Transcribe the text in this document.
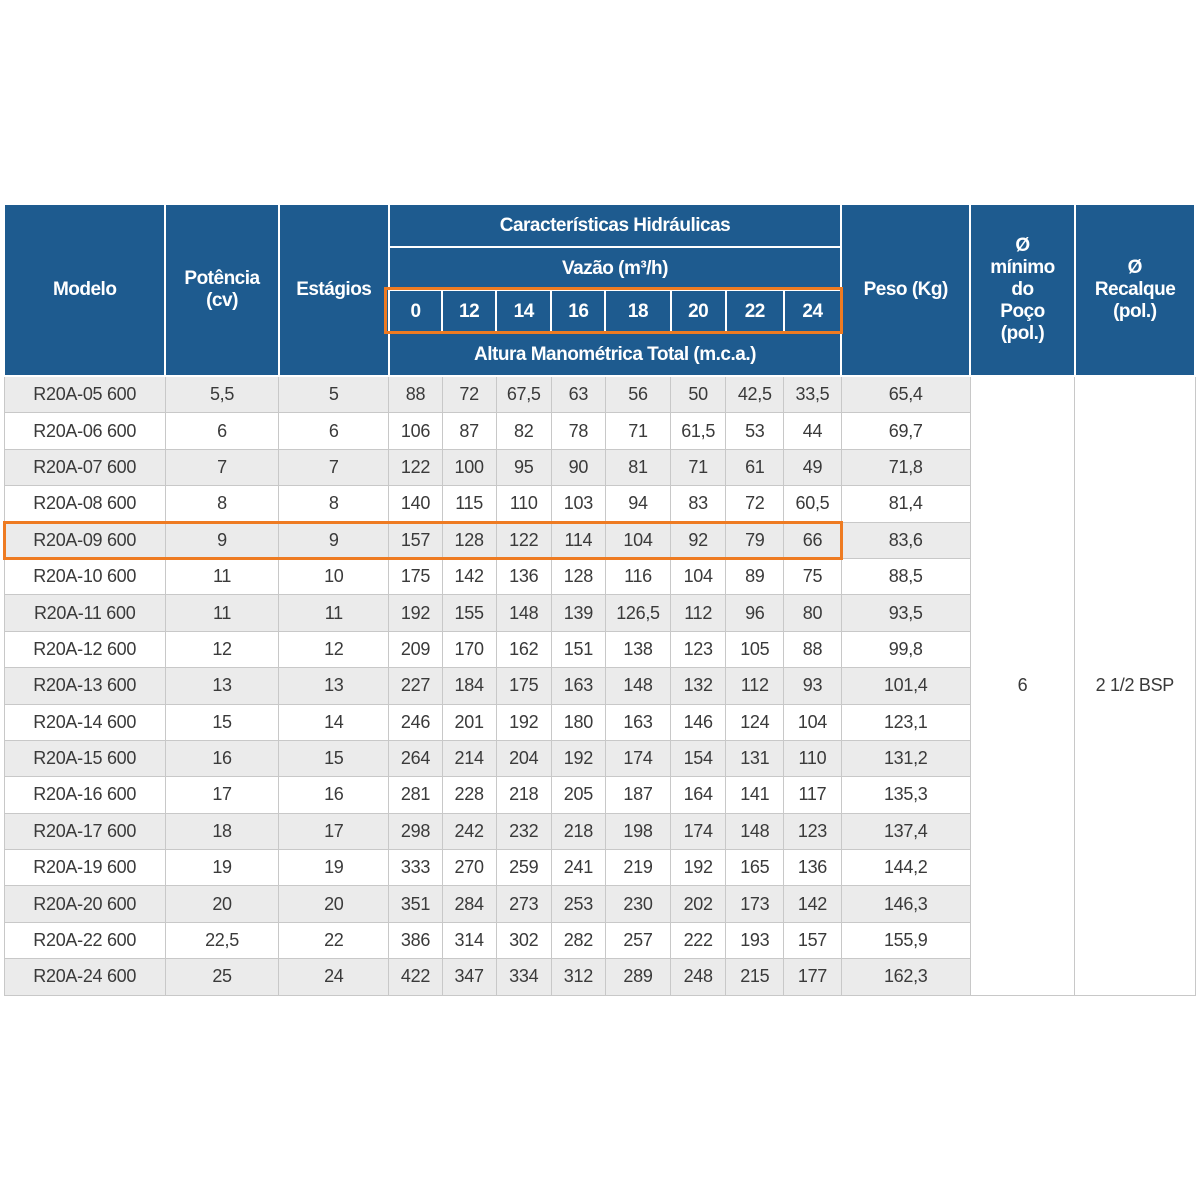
Modelo	Potência (cv)	Estágios	Características Hidráulicas								Peso (Kg)	Ø mínimo do Poço (pol.)	Ø Recalque (pol.)
			Vazão (m³/h)										
			0	12	14	16	18	20	22	24			
			Altura Manométrica Total (m.c.a.)										
R20A-05 600	5,5	5	88	72	67,5	63	56	50	42,5	33,5	65,4	6	2 1/2 BSP
R20A-06 600	6	6	106	87	82	78	71	61,5	53	44	69,7		
R20A-07 600	7	7	122	100	95	90	81	71	61	49	71,8		
R20A-08 600	8	8	140	115	110	103	94	83	72	60,5	81,4		
R20A-09 600	9	9	157	128	122	114	104	92	79	66	83,6		
R20A-10 600	11	10	175	142	136	128	116	104	89	75	88,5		
R20A-11 600	11	11	192	155	148	139	126,5	112	96	80	93,5		
R20A-12 600	12	12	209	170	162	151	138	123	105	88	99,8		
R20A-13 600	13	13	227	184	175	163	148	132	112	93	101,4		
R20A-14 600	15	14	246	201	192	180	163	146	124	104	123,1		
R20A-15 600	16	15	264	214	204	192	174	154	131	110	131,2		
R20A-16 600	17	16	281	228	218	205	187	164	141	117	135,3		
R20A-17 600	18	17	298	242	232	218	198	174	148	123	137,4		
R20A-19 600	19	19	333	270	259	241	219	192	165	136	144,2		
R20A-20 600	20	20	351	284	273	253	230	202	173	142	146,3		
R20A-22 600	22,5	22	386	314	302	282	257	222	193	157	155,9		
R20A-24 600	25	24	422	347	334	312	289	248	215	177	162,3		
